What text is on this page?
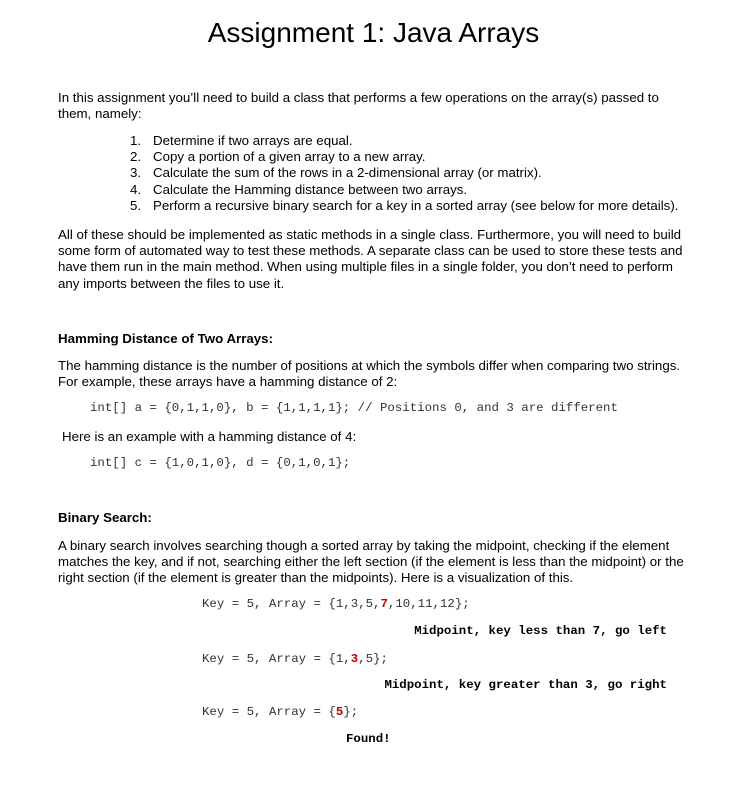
Assignment 1: Java Arrays

In this assignment you’ll need to build a class that performs a few operations on the array(s) passed to them, namely:

1. Determine if two arrays are equal.
2. Copy a portion of a given array to a new array.
3. Calculate the sum of the rows in a 2-dimensional array (or matrix).
4. Calculate the Hamming distance between two arrays.
5. Perform a recursive binary search for a key in a sorted array (see below for more details).

All of these should be implemented as static methods in a single class. Furthermore, you will need to build some form of automated way to test these methods. A separate class can be used to store these tests and have them run in the main method. When using multiple files in a single folder, you don’t need to perform any imports between the files to use it.

Hamming Distance of Two Arrays:

The hamming distance is the number of positions at which the symbols differ when comparing two strings. For example, these arrays have a hamming distance of 2:

int[] a = {0,1,1,0}, b = {1,1,1,1}; // Positions 0, and 3 are different

Here is an example with a hamming distance of 4:

int[] c = {1,0,1,0}, d = {0,1,0,1};
Binary Search:

A binary search involves searching though a sorted array by taking the midpoint, checking if the element matches the key, and if not, searching either the left section (if the element is less than the midpoint) or the right section (if the element is greater than the midpoints). Here is a visualization of this.

Key = 5, Array = {1,3,5,7,10,11,12};
Midpoint, key less than 7, go left
Key = 5, Array = {1,3,5};
Midpoint, key greater than 3, go right
Key = 5, Array = {5};
Found!
